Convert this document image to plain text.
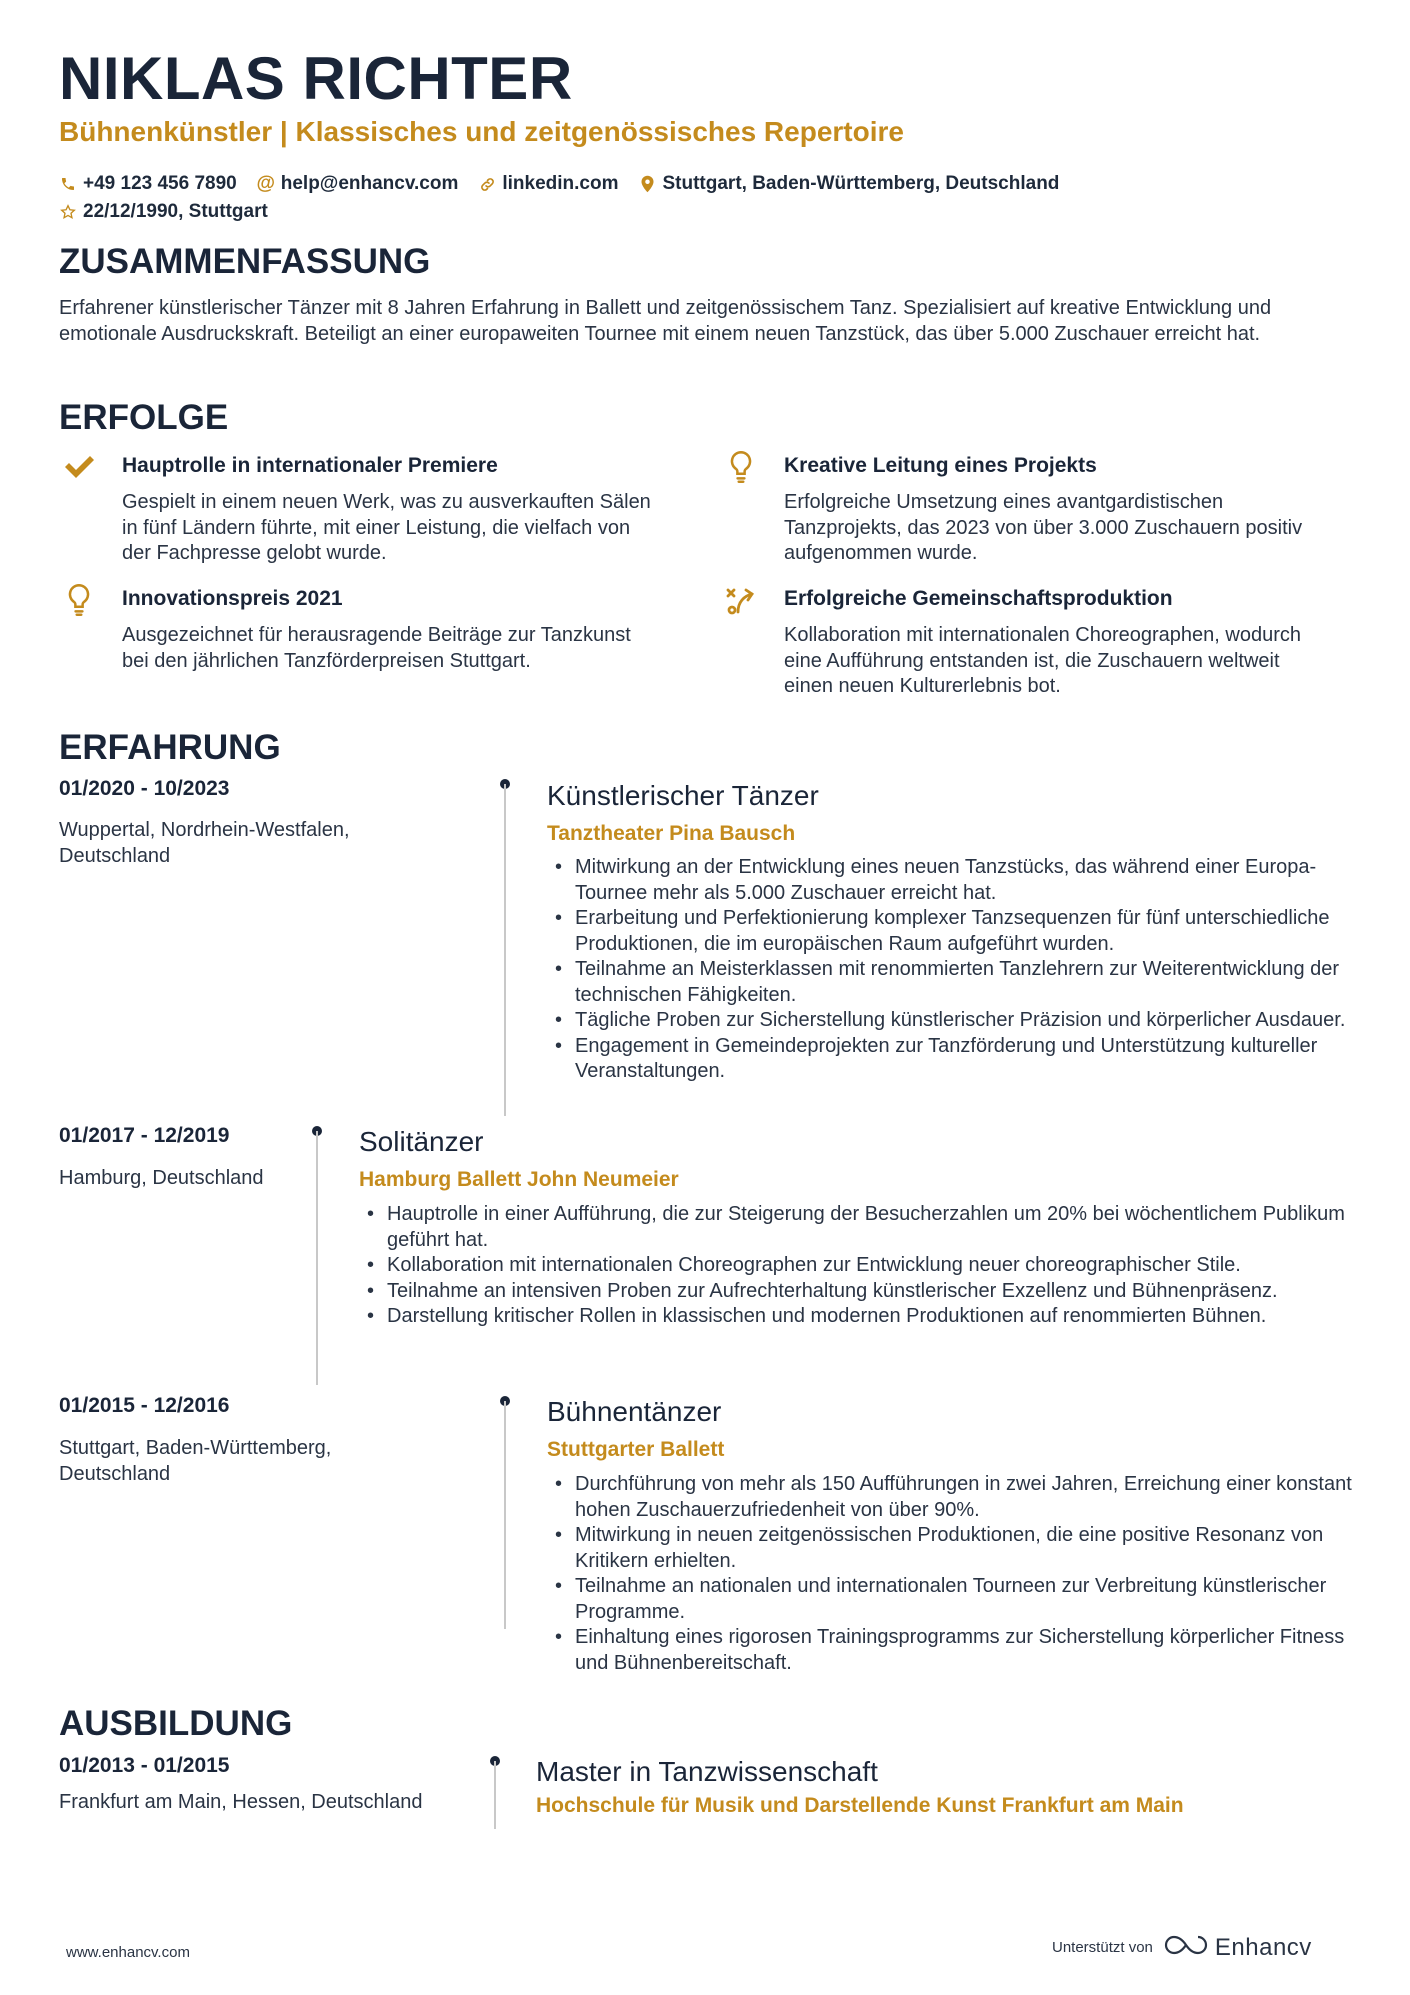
NIKLAS RICHTER
Bühnenkünstler | Klassisches und zeitgenössisches Repertoire
+49 123 456 7890 @ help@enhancv.com linkedin.com Stuttgart, Baden-Württemberg, Deutschland
22/12/1990, Stuttgart
ZUSAMMENFASSUNG
Erfahrener künstlerischer Tänzer mit 8 Jahren Erfahrung in Ballett und zeitgenössischem Tanz. Spezialisiert auf kreative Entwicklung und emotionale Ausdruckskraft. Beteiligt an einer europaweiten Tournee mit einem neuen Tanzstück, das über 5.000 Zuschauer erreicht hat.
ERFOLGE
Hauptrolle in internationaler Premiere
Gespielt in einem neuen Werk, was zu ausverkauften Sälen in fünf Ländern führte, mit einer Leistung, die vielfach von der Fachpresse gelobt wurde.
Kreative Leitung eines Projekts
Erfolgreiche Umsetzung eines avantgardistischen Tanzprojekts, das 2023 von über 3.000 Zuschauern positiv aufgenommen wurde.
Innovationspreis 2021
Ausgezeichnet für herausragende Beiträge zur Tanzkunst bei den jährlichen Tanzförderpreisen Stuttgart.
Erfolgreiche Gemeinschaftsproduktion
Kollaboration mit internationalen Choreographen, wodurch eine Aufführung entstanden ist, die Zuschauern weltweit einen neuen Kulturerlebnis bot.
ERFAHRUNG
01/2020 - 10/2023
Wuppertal, Nordrhein-Westfalen, Deutschland
Künstlerischer Tänzer
Tanztheater Pina Bausch
• Mitwirkung an der Entwicklung eines neuen Tanzstücks, das während einer Europa-Tournee mehr als 5.000 Zuschauer erreicht hat.
• Erarbeitung und Perfektionierung komplexer Tanzsequenzen für fünf unterschiedliche Produktionen, die im europäischen Raum aufgeführt wurden.
• Teilnahme an Meisterklassen mit renommierten Tanzlehrern zur Weiterentwicklung der technischen Fähigkeiten.
• Tägliche Proben zur Sicherstellung künstlerischer Präzision und körperlicher Ausdauer.
• Engagement in Gemeindeprojekten zur Tanzförderung und Unterstützung kultureller Veranstaltungen.
01/2017 - 12/2019
Hamburg, Deutschland
Solitänzer
Hamburg Ballett John Neumeier
• Hauptrolle in einer Aufführung, die zur Steigerung der Besucherzahlen um 20% bei wöchentlichem Publikum geführt hat.
• Kollaboration mit internationalen Choreographen zur Entwicklung neuer choreographischer Stile.
• Teilnahme an intensiven Proben zur Aufrechterhaltung künstlerischer Exzellenz und Bühnenpräsenz.
• Darstellung kritischer Rollen in klassischen und modernen Produktionen auf renommierten Bühnen.
01/2015 - 12/2016
Stuttgart, Baden-Württemberg, Deutschland
Bühnentänzer
Stuttgarter Ballett
• Durchführung von mehr als 150 Aufführungen in zwei Jahren, Erreichung einer konstant hohen Zuschauerzufriedenheit von über 90%.
• Mitwirkung in neuen zeitgenössischen Produktionen, die eine positive Resonanz von Kritikern erhielten.
• Teilnahme an nationalen und internationalen Tourneen zur Verbreitung künstlerischer Programme.
• Einhaltung eines rigorosen Trainingsprogramms zur Sicherstellung körperlicher Fitness und Bühnenbereitschaft.
AUSBILDUNG
01/2013 - 01/2015
Frankfurt am Main, Hessen, Deutschland
Master in Tanzwissenschaft
Hochschule für Musik und Darstellende Kunst Frankfurt am Main
www.enhancv.com	Unterstützt von	Enhancv
